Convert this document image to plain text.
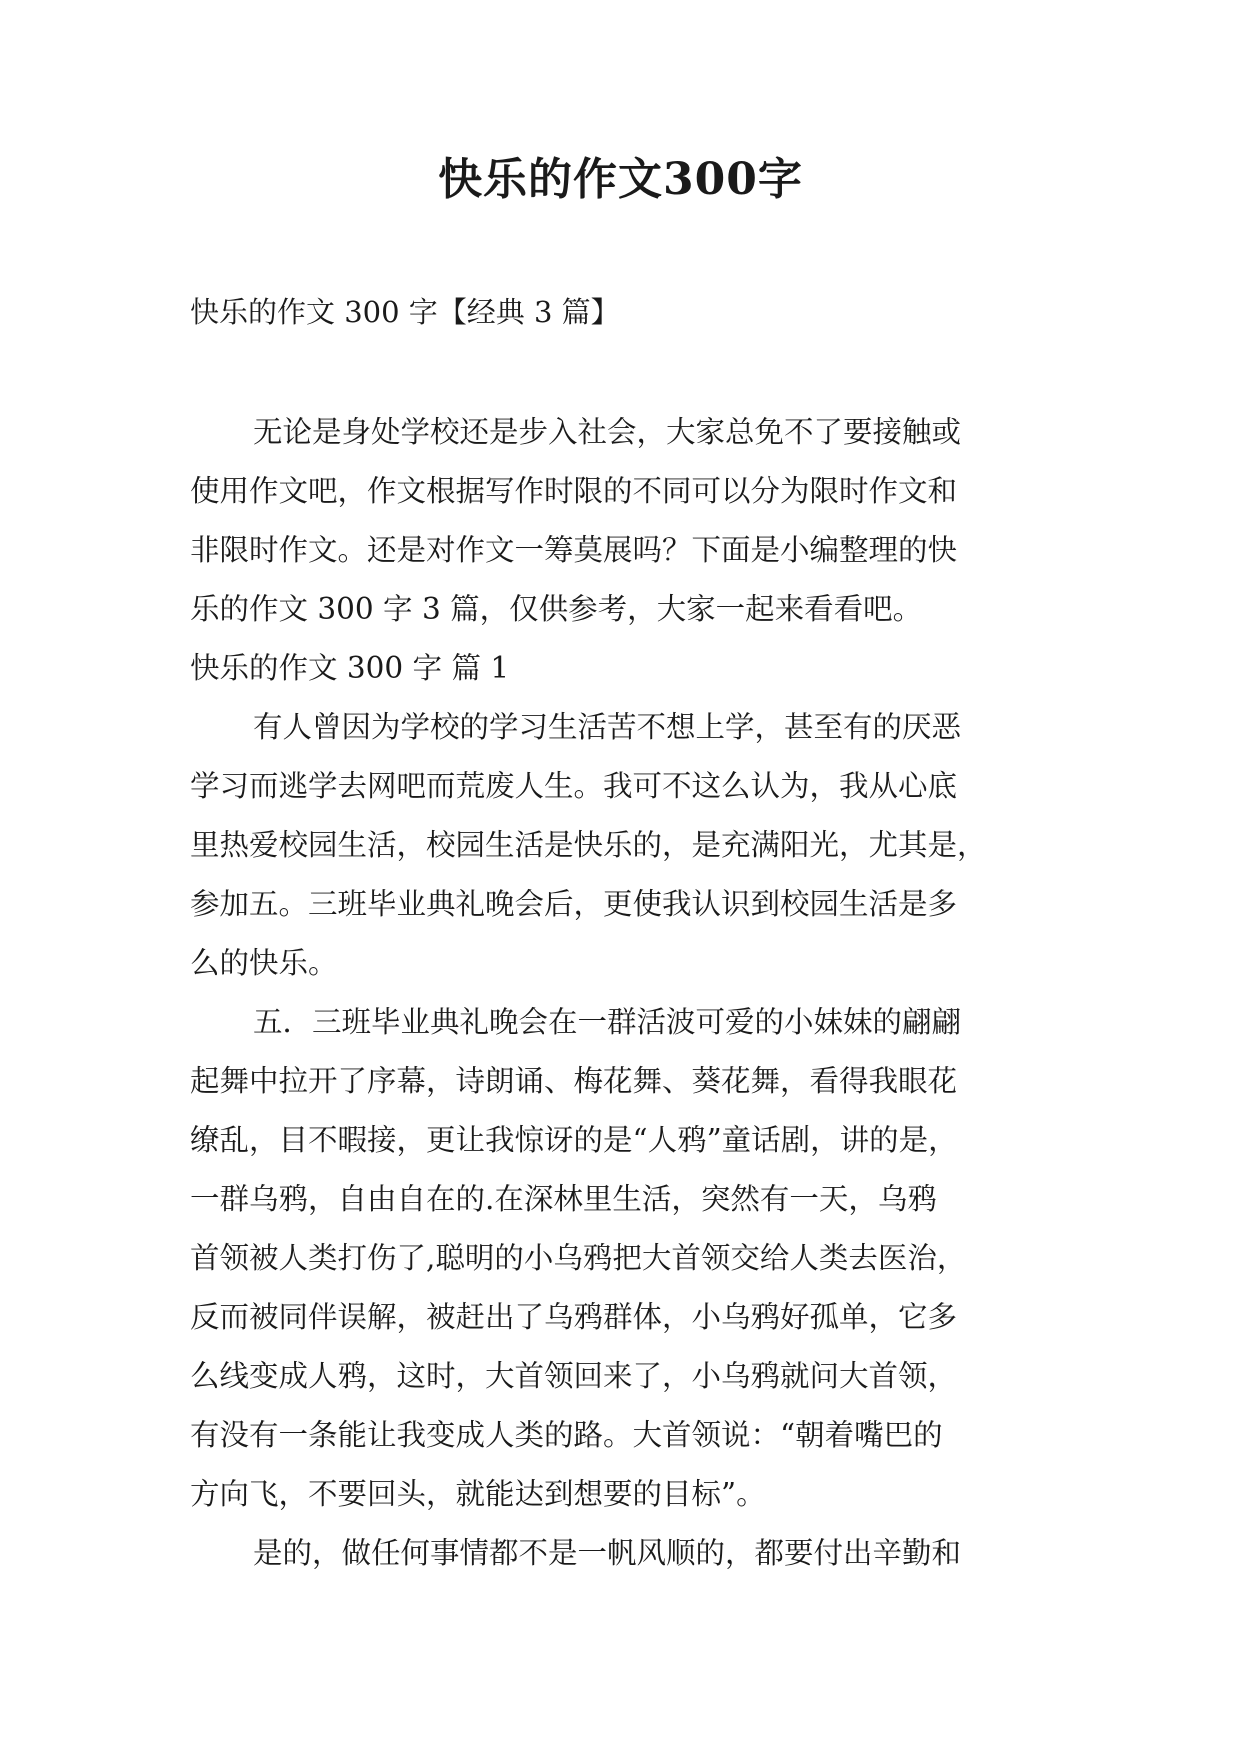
快乐的作文300字
快乐的作文 300 字【经典 3 篇】
无论是身处学校还是步入社会，大家总免不了要接触或
使用作文吧，作文根据写作时限的不同可以分为限时作文和
非限时作文。还是对作文一筹莫展吗？下面是小编整理的快
乐的作文 300 字 3 篇，仅供参考，大家一起来看看吧。
快乐的作文 300 字 篇 1
有人曾因为学校的学习生活苦不想上学，甚至有的厌恶
学习而逃学去网吧而荒废人生。我可不这么认为，我从心底
里热爱校园生活，校园生活是快乐的，是充满阳光，尤其是，
参加五。三班毕业典礼晚会后，更使我认识到校园生活是多
么的快乐。
五．三班毕业典礼晚会在一群活波可爱的小妹妹的翩翩
起舞中拉开了序幕，诗朗诵、梅花舞、葵花舞，看得我眼花
缭乱，目不暇接，更让我惊讶的是“人鸦”童话剧，讲的是，
一群乌鸦，自由自在的.在深林里生活，突然有一天，乌鸦
首领被人类打伤了,聪明的小乌鸦把大首领交给人类去医治，
反而被同伴误解，被赶出了乌鸦群体，小乌鸦好孤单，它多
么线变成人鸦，这时，大首领回来了，小乌鸦就问大首领，
有没有一条能让我变成人类的路。大首领说：“朝着嘴巴的
方向飞，不要回头，就能达到想要的目标”。
是的，做任何事情都不是一帆风顺的，都要付出辛勤和
